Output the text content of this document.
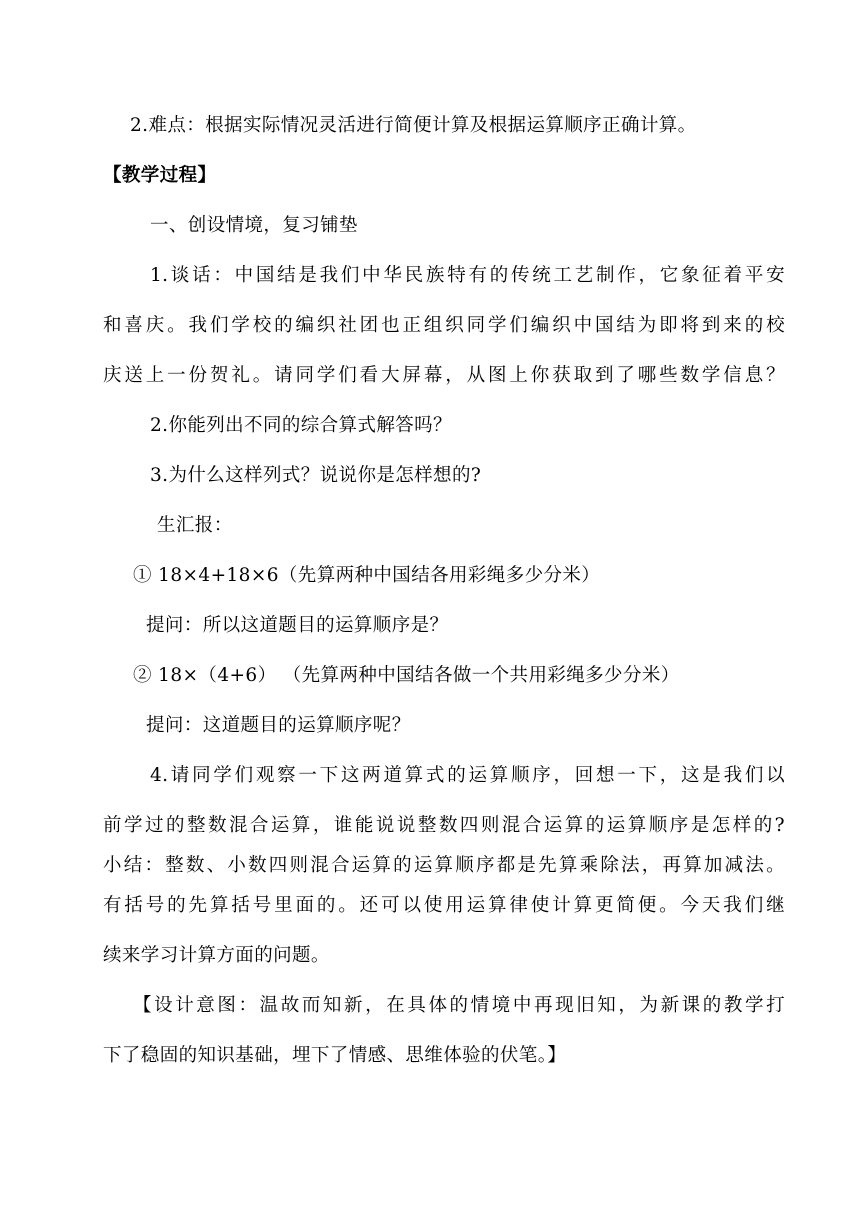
2.难点：根据实际情况灵活进行简便计算及根据运算顺序正确计算。
【教学过程】
一、创设情境，复习铺垫
1.谈话：中国结是我们中华民族特有的传统工艺制作，它象征着平安
和喜庆。我们学校的编织社团也正组织同学们编织中国结为即将到来的校
庆送上一份贺礼。请同学们看大屏幕，从图上你获取到了哪些数学信息？
2.你能列出不同的综合算式解答吗？
3.为什么这样列式？说说你是怎样想的?
生汇报：
① 18×4+18×6（先算两种中国结各用彩绳多少分米）
提问：所以这道题目的运算顺序是？
② 18×（4+6） （先算两种中国结各做一个共用彩绳多少分米）
提问：这道题目的运算顺序呢？
4.请同学们观察一下这两道算式的运算顺序，回想一下，这是我们以
前学过的整数混合运算，谁能说说整数四则混合运算的运算顺序是怎样的?
小结：整数、小数四则混合运算的运算顺序都是先算乘除法，再算加减法。
有括号的先算括号里面的。还可以使用运算律使计算更简便。今天我们继
续来学习计算方面的问题。
【设计意图：温故而知新，在具体的情境中再现旧知，为新课的教学打
下了稳固的知识基础，埋下了情感、思维体验的伏笔。】
